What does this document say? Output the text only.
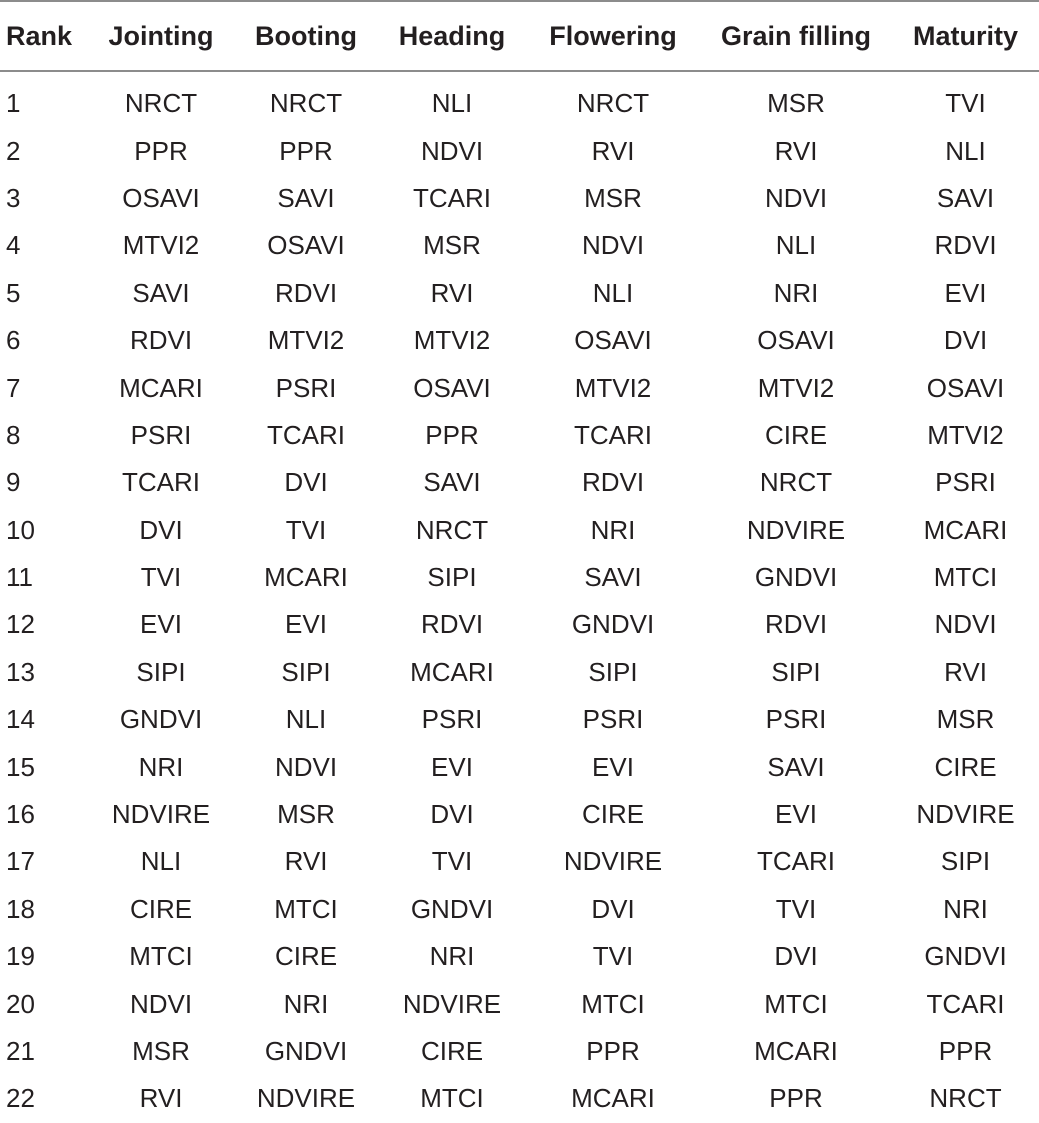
Rank	Jointing	Booting	Heading	Flowering	Grain filling	Maturity
1	NRCT	NRCT	NLI	NRCT	MSR	TVI
2	PPR	PPR	NDVI	RVI	RVI	NLI
3	OSAVI	SAVI	TCARI	MSR	NDVI	SAVI
4	MTVI2	OSAVI	MSR	NDVI	NLI	RDVI
5	SAVI	RDVI	RVI	NLI	NRI	EVI
6	RDVI	MTVI2	MTVI2	OSAVI	OSAVI	DVI
7	MCARI	PSRI	OSAVI	MTVI2	MTVI2	OSAVI
8	PSRI	TCARI	PPR	TCARI	CIRE	MTVI2
9	TCARI	DVI	SAVI	RDVI	NRCT	PSRI
10	DVI	TVI	NRCT	NRI	NDVIRE	MCARI
11	TVI	MCARI	SIPI	SAVI	GNDVI	MTCI
12	EVI	EVI	RDVI	GNDVI	RDVI	NDVI
13	SIPI	SIPI	MCARI	SIPI	SIPI	RVI
14	GNDVI	NLI	PSRI	PSRI	PSRI	MSR
15	NRI	NDVI	EVI	EVI	SAVI	CIRE
16	NDVIRE	MSR	DVI	CIRE	EVI	NDVIRE
17	NLI	RVI	TVI	NDVIRE	TCARI	SIPI
18	CIRE	MTCI	GNDVI	DVI	TVI	NRI
19	MTCI	CIRE	NRI	TVI	DVI	GNDVI
20	NDVI	NRI	NDVIRE	MTCI	MTCI	TCARI
21	MSR	GNDVI	CIRE	PPR	MCARI	PPR
22	RVI	NDVIRE	MTCI	MCARI	PPR	NRCT
